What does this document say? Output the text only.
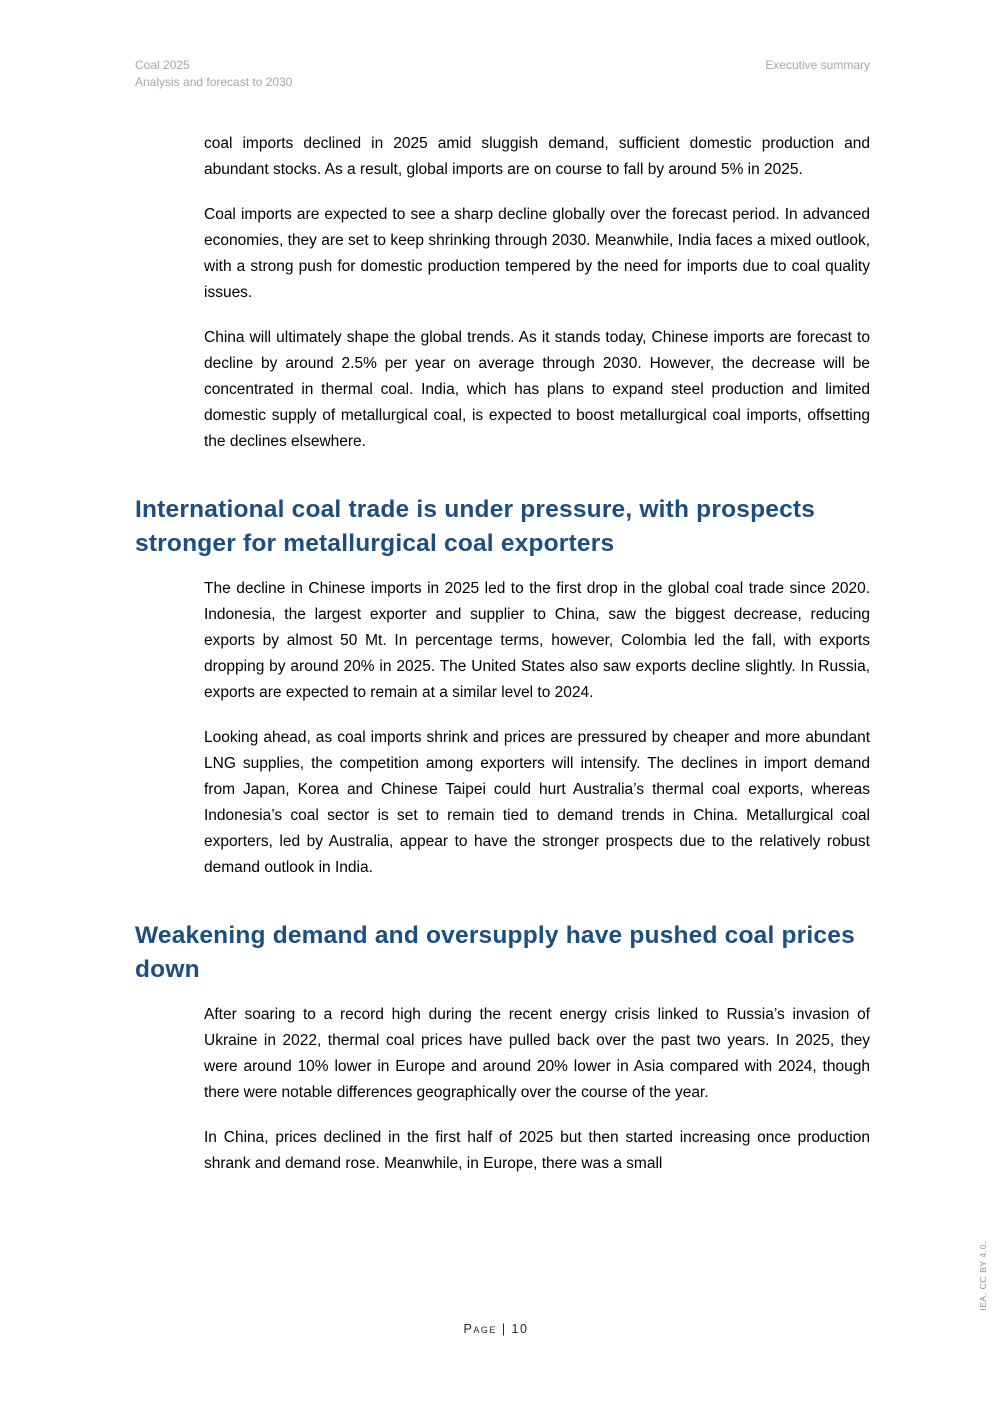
Coal 2025
Analysis and forecast to 2030
Executive summary

coal imports declined in 2025 amid sluggish demand, sufficient domestic production and abundant stocks. As a result, global imports are on course to fall by around 5% in 2025.

Coal imports are expected to see a sharp decline globally over the forecast period. In advanced economies, they are set to keep shrinking through 2030. Meanwhile, India faces a mixed outlook, with a strong push for domestic production tempered by the need for imports due to coal quality issues.

China will ultimately shape the global trends. As it stands today, Chinese imports are forecast to decline by around 2.5% per year on average through 2030. However, the decrease will be concentrated in thermal coal. India, which has plans to expand steel production and limited domestic supply of metallurgical coal, is expected to boost metallurgical coal imports, offsetting the declines elsewhere.

International coal trade is under pressure, with prospects stronger for metallurgical coal exporters

The decline in Chinese imports in 2025 led to the first drop in the global coal trade since 2020. Indonesia, the largest exporter and supplier to China, saw the biggest decrease, reducing exports by almost 50 Mt. In percentage terms, however, Colombia led the fall, with exports dropping by around 20% in 2025. The United States also saw exports decline slightly. In Russia, exports are expected to remain at a similar level to 2024.

Looking ahead, as coal imports shrink and prices are pressured by cheaper and more abundant LNG supplies, the competition among exporters will intensify. The declines in import demand from Japan, Korea and Chinese Taipei could hurt Australia’s thermal coal exports, whereas Indonesia’s coal sector is set to remain tied to demand trends in China. Metallurgical coal exporters, led by Australia, appear to have the stronger prospects due to the relatively robust demand outlook in India.

Weakening demand and oversupply have pushed coal prices down

After soaring to a record high during the recent energy crisis linked to Russia’s invasion of Ukraine in 2022, thermal coal prices have pulled back over the past two years. In 2025, they were around 10% lower in Europe and around 20% lower in Asia compared with 2024, though there were notable differences geographically over the course of the year.

In China, prices declined in the first half of 2025 but then started increasing once production shrank and demand rose. Meanwhile, in Europe, there was a small

Page | 10
IEA. CC BY 4.0.
